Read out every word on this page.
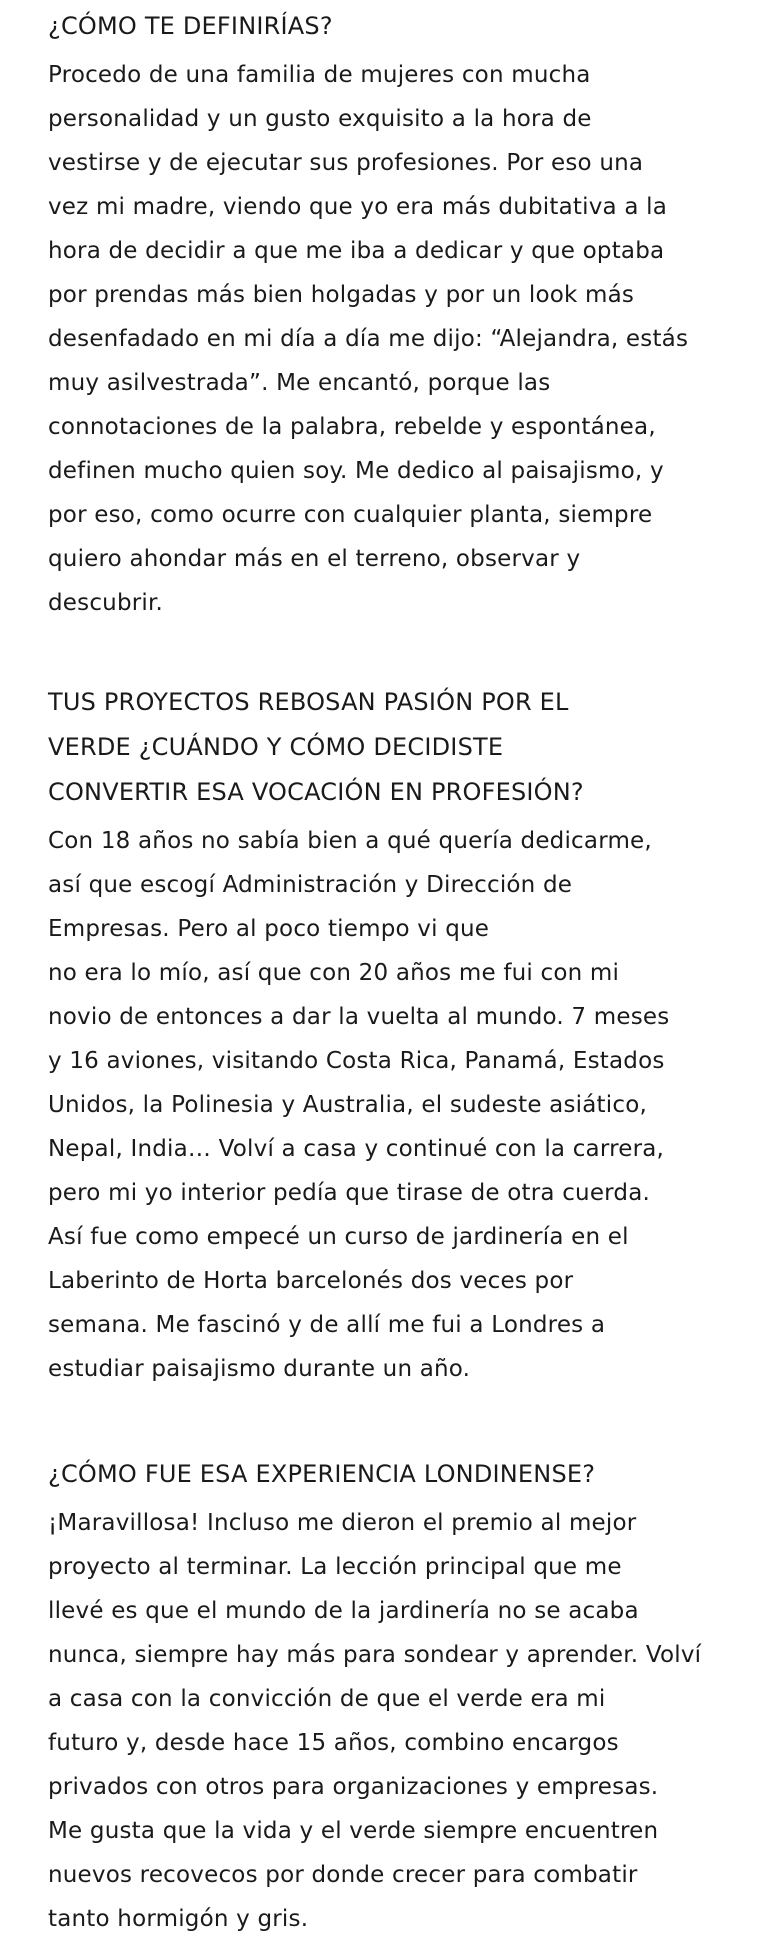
¿CÓMO TE DEFINIRÍAS?

Procedo de una familia de mujeres con mucha
personalidad y un gusto exquisito a la hora de
vestirse y de ejecutar sus profesiones. Por eso una
vez mi madre, viendo que yo era más dubitativa a la
hora de decidir a que me iba a dedicar y que optaba
por prendas más bien holgadas y por un look más
desenfadado en mi día a día me dijo: “Alejandra, estás
muy asilvestrada”. Me encantó, porque las
connotaciones de la palabra, rebelde y espontánea,
definen mucho quien soy. Me dedico al paisajismo, y
por eso, como ocurre con cualquier planta, siempre
quiero ahondar más en el terreno, observar y
descubrir.

TUS PROYECTOS REBOSAN PASIÓN POR EL
VERDE ¿CUÁNDO Y CÓMO DECIDISTE
CONVERTIR ESA VOCACIÓN EN PROFESIÓN?

Con 18 años no sabía bien a qué quería dedicarme,
así que escogí Administración y Dirección de
Empresas. Pero al poco tiempo vi que
no era lo mío, así que con 20 años me fui con mi
novio de entonces a dar la vuelta al mundo. 7 meses
y 16 aviones, visitando Costa Rica, Panamá, Estados
Unidos, la Polinesia y Australia, el sudeste asiático,
Nepal, India… Volví a casa y continué con la carrera,
pero mi yo interior pedía que tirase de otra cuerda.
Así fue como empecé un curso de jardinería en el
Laberinto de Horta barcelonés dos veces por
semana. Me fascinó y de allí me fui a Londres a
estudiar paisajismo durante un año.

¿CÓMO FUE ESA EXPERIENCIA LONDINENSE?

¡Maravillosa! Incluso me dieron el premio al mejor
proyecto al terminar. La lección principal que me
llevé es que el mundo de la jardinería no se acaba
nunca, siempre hay más para sondear y aprender. Volví
a casa con la convicción de que el verde era mi
futuro y, desde hace 15 años, combino encargos
privados con otros para organizaciones y empresas.
Me gusta que la vida y el verde siempre encuentren
nuevos recovecos por donde crecer para combatir
tanto hormigón y gris.
